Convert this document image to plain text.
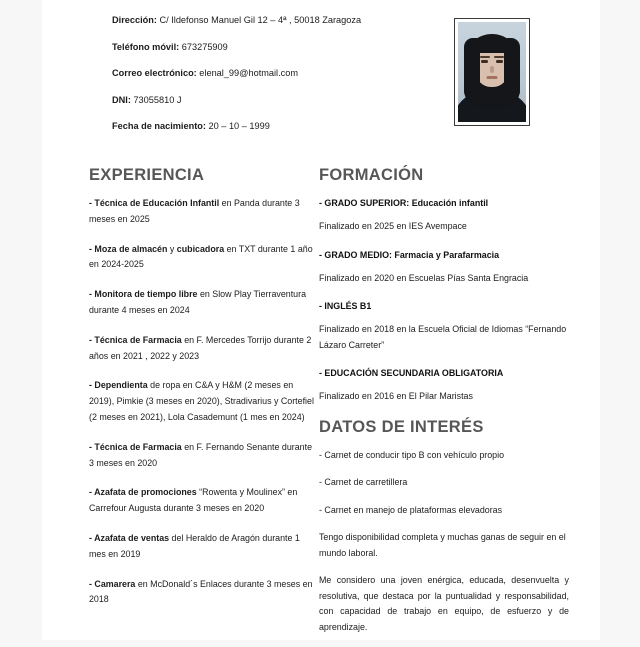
Dirección: C/ Ildefonso Manuel Gil 12 – 4ª , 50018 Zaragoza
Teléfono móvil: 673275909
Correo electrónico: elenal_99@hotmail.com
DNI: 73055810 J
Fecha de nacimiento: 20 – 10 – 1999
EXPERIENCIA

- Técnica de Educación Infantil en Panda durante 3 meses en 2025

- Moza de almacén y cubicadora en TXT durante 1 año en 2024-2025

- Monitora de tiempo libre en Slow Play Tierraventura durante 4 meses en 2024

- Técnica de Farmacia en F. Mercedes Torrijo durante 2 años en 2021 , 2022 y 2023

- Dependienta de ropa en C&A y H&M (2 meses en 2019), Pimkie (3 meses en 2020), Stradivarius y Cortefiel (2 meses en 2021), Lola Casademunt (1 mes en 2024)

- Técnica de Farmacia en F. Fernando Senante durante 3 meses en 2020

- Azafata de promociones “Rowenta y Moulinex” en Carrefour Augusta durante 3 meses en 2020

- Azafata de ventas del Heraldo de Aragón durante 1 mes en 2019

- Camarera en McDonald´s Enlaces durante 3 meses en 2018

FORMACIÓN

- GRADO SUPERIOR: Educación infantil

Finalizado en 2025 en IES Avempace

- GRADO MEDIO: Farmacia y Parafarmacia

Finalizado en 2020 en Escuelas Pías Santa Engracia

- INGLÉS B1

Finalizado en 2018 en la Escuela Oficial de Idiomas “Fernando Lázaro Carreter”

- EDUCACIÓN SECUNDARIA OBLIGATORIA

Finalizado en 2016 en El Pilar Maristas

DATOS DE INTERÉS

- Carnet de conducir tipo B con vehículo propio

- Carnet de carretillera

- Carnet en manejo de plataformas elevadoras

Tengo disponibilidad completa y muchas ganas de seguir en el mundo laboral.

Me considero una joven enérgica, educada, desenvuelta y resolutiva, que destaca por la puntualidad y responsabilidad, con capacidad de trabajo en equipo, de esfuerzo y de aprendizaje.
